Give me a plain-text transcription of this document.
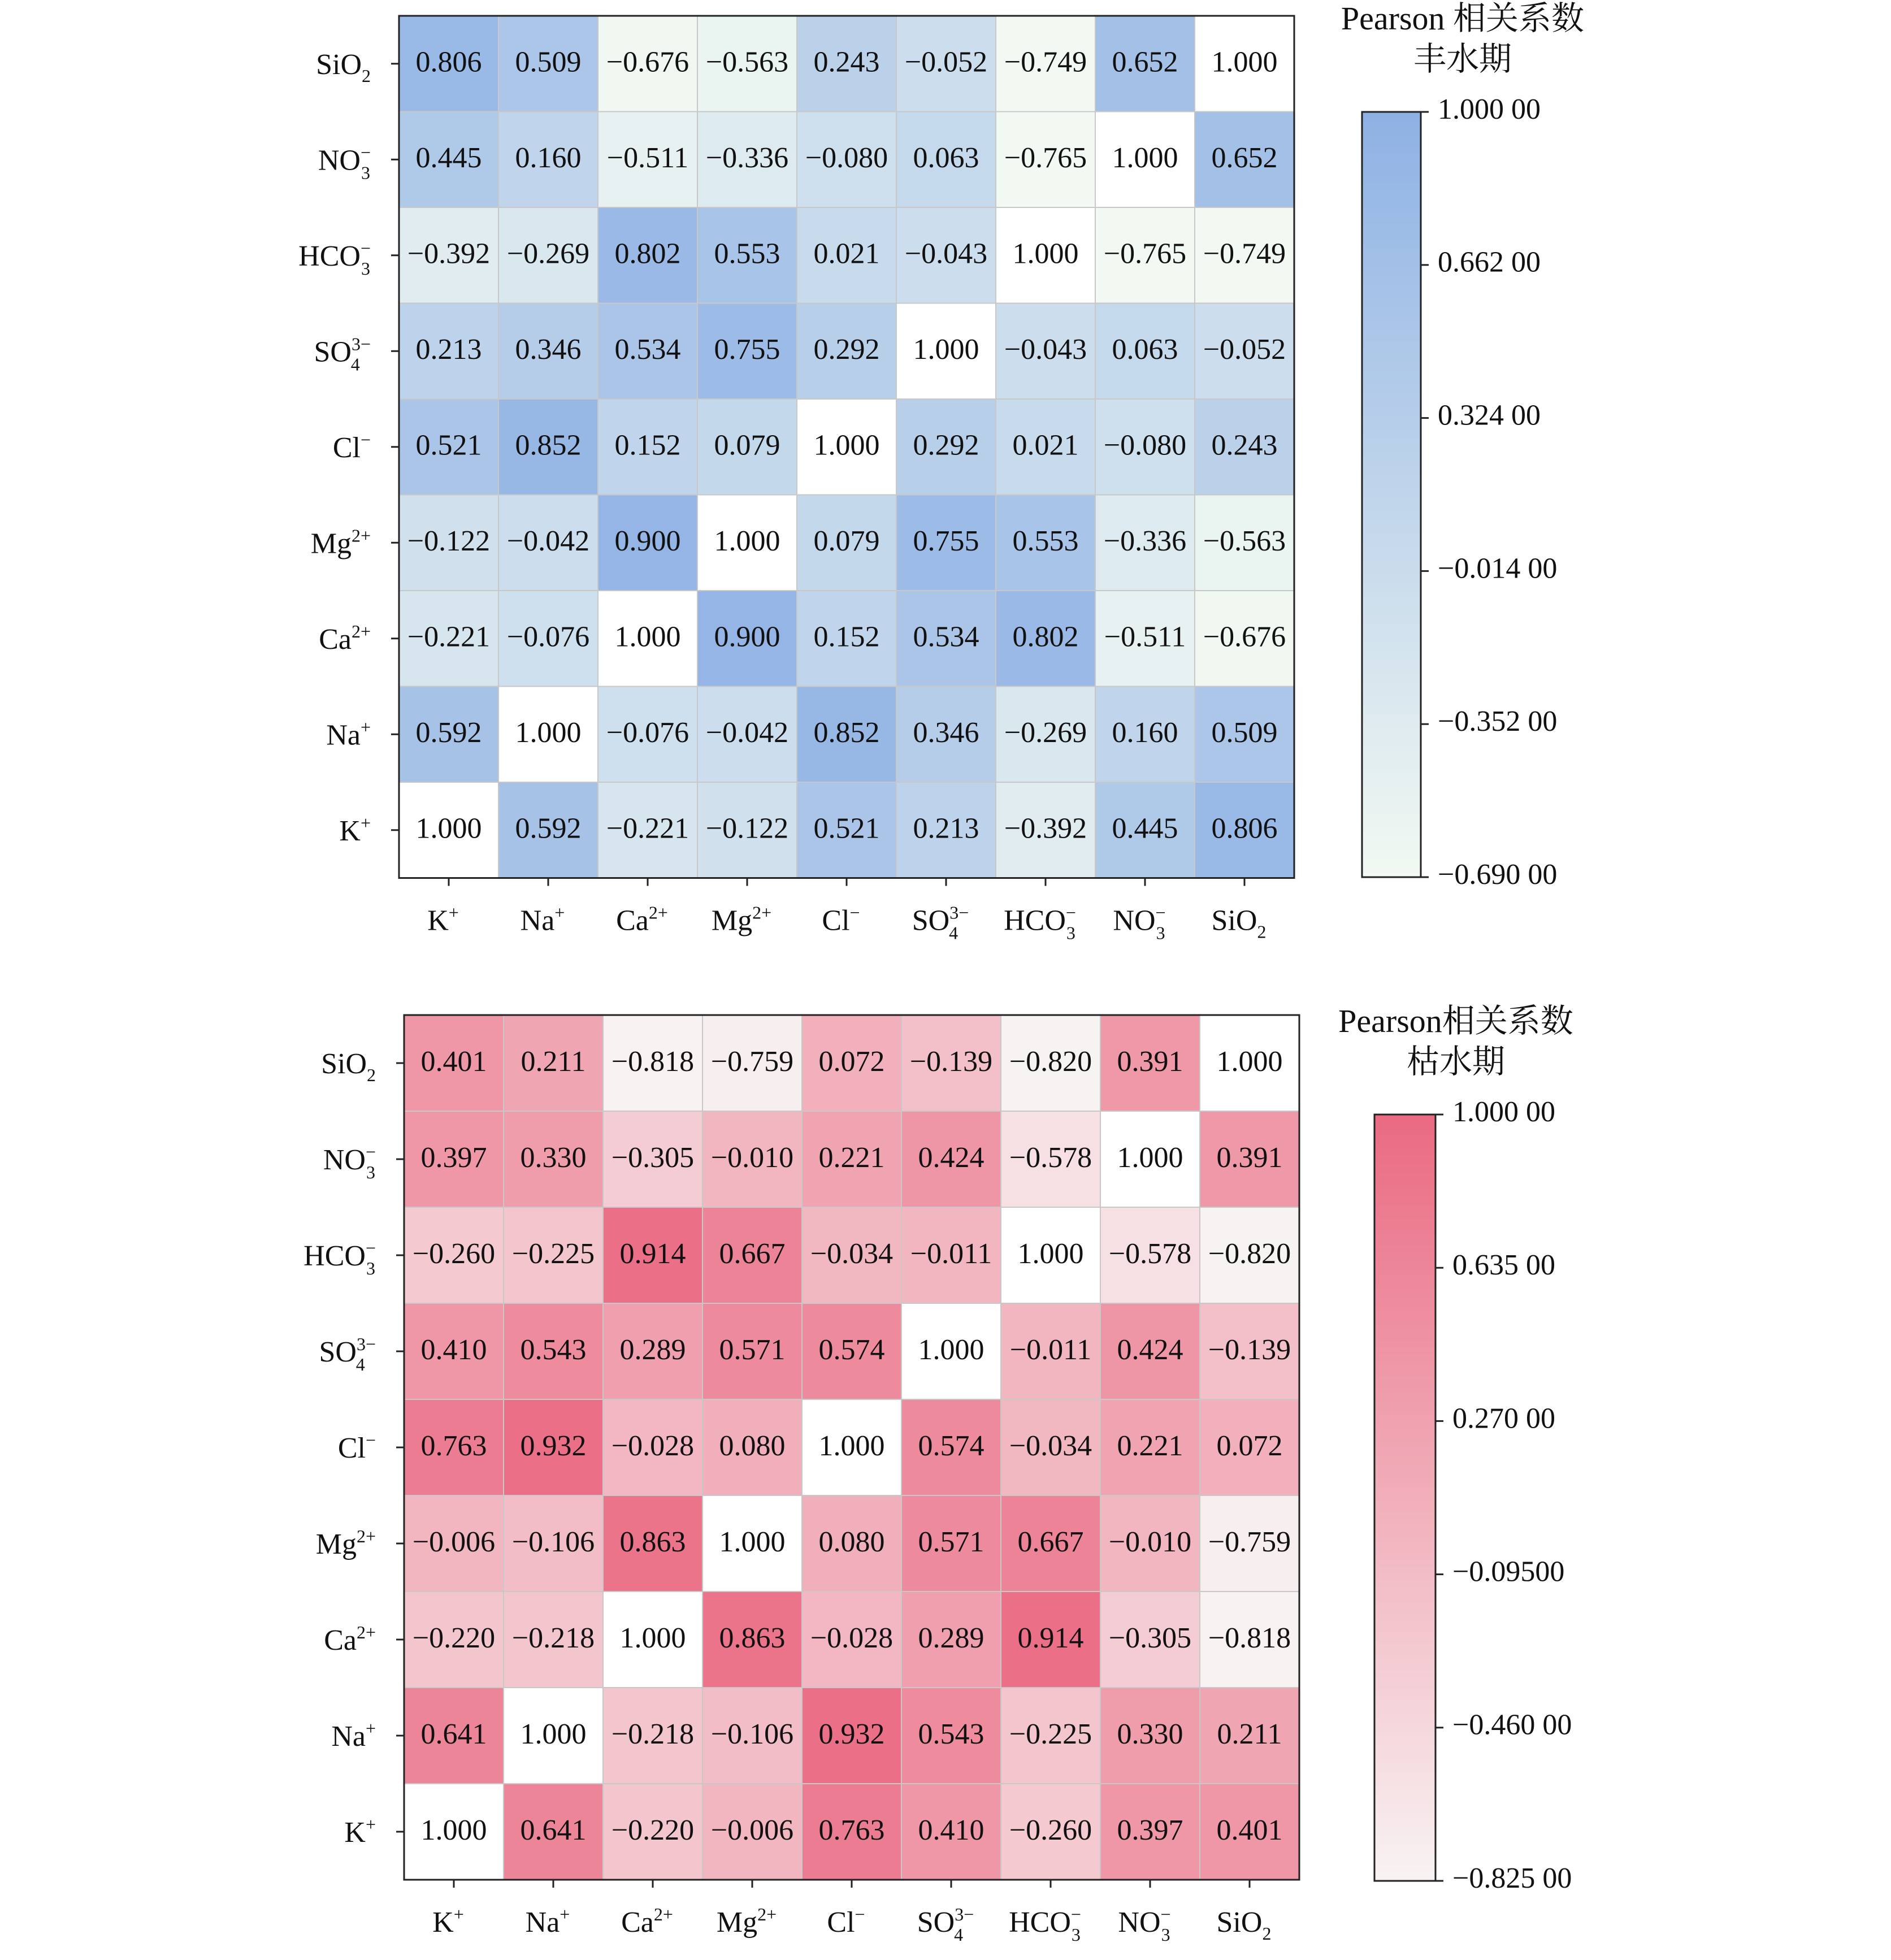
0.806 0.509 −0.676 −0.563 0.243 −0.052 −0.749 0.652 1.000
0.445 0.160 −0.511 −0.336 −0.080 0.063 −0.765 1.000 0.652
−0.392 −0.269 0.802 0.553 0.021 −0.043 1.000 −0.765 −0.749
0.213 0.346 0.534 0.755 0.292 1.000 −0.043 0.063 −0.052
0.521 0.852 0.152 0.079 1.000 0.292 0.021 −0.080 0.243
−0.122 −0.042 0.900 1.000 0.079 0.755 0.553 −0.336 −0.563
−0.221 −0.076 1.000 0.900 0.152 0.534 0.802 −0.511 −0.676
0.592 1.000 −0.076 −0.042 0.852 0.346 −0.269 0.160 0.509
1.000 0.592 −0.221 −0.122 0.521 0.213 −0.392 0.445 0.806
SiO$_2$
NO− 3
HCO− 3
$SO^{3-}$ 4
Cl−
$Mg^{2+}$
$Ca^{2+}$
Na+
K+
K+ Na+ $Ca^{2+}$ $Mg^{2+}$ Cl− $SO^{3-}$ 4	HCO− 3 NO− 3 SiO$_2$
1.000 00
0.662 00
0.324 00
−0.014 00
−0.352 00
−0.690 00
Pearson 相关系数
丰水期
0.401 0.211 −0.818 −0.759 0.072 −0.139 −0.820 0.391 1.000
0.397 0.330 −0.305 −0.010 0.221 0.424 −0.578 1.000 0.391
−0.260 −0.225 0.914 0.667 −0.034 −0.011 1.000 −0.578 −0.820
0.410 0.543 0.289 0.571 0.574 1.000 −0.011 0.424 −0.139
0.763 0.932 −0.028 0.080 1.000 0.574 −0.034 0.221 0.072
−0.006 −0.106 0.863 1.000 0.080 0.571 0.667 −0.010 −0.759
−0.220 −0.218 1.000 0.863 −0.028 0.289 0.914 −0.305 −0.818
0.641 1.000 −0.218 −0.106 0.932 0.543 −0.225 0.330 0.211
1.000 0.641 −0.220 −0.006 0.763 0.410 −0.260 0.397 0.401
SiO$_2$
NO− 3
HCO− 3
$SO^{3-}$ 4
Cl−
$Mg^{2+}$
$Ca^{2+}$
Na+
K+
K+ Na+ $Ca^{2+}$ $Mg^{2+}$ Cl− $SO^{3-}$ 4	HCO− 3 NO− 3 SiO$_2$
1.000 00
0.635 00
0.270 00
−0.09500
−0.460 00
−0.825 00
Pearson相关系数
枯水期
